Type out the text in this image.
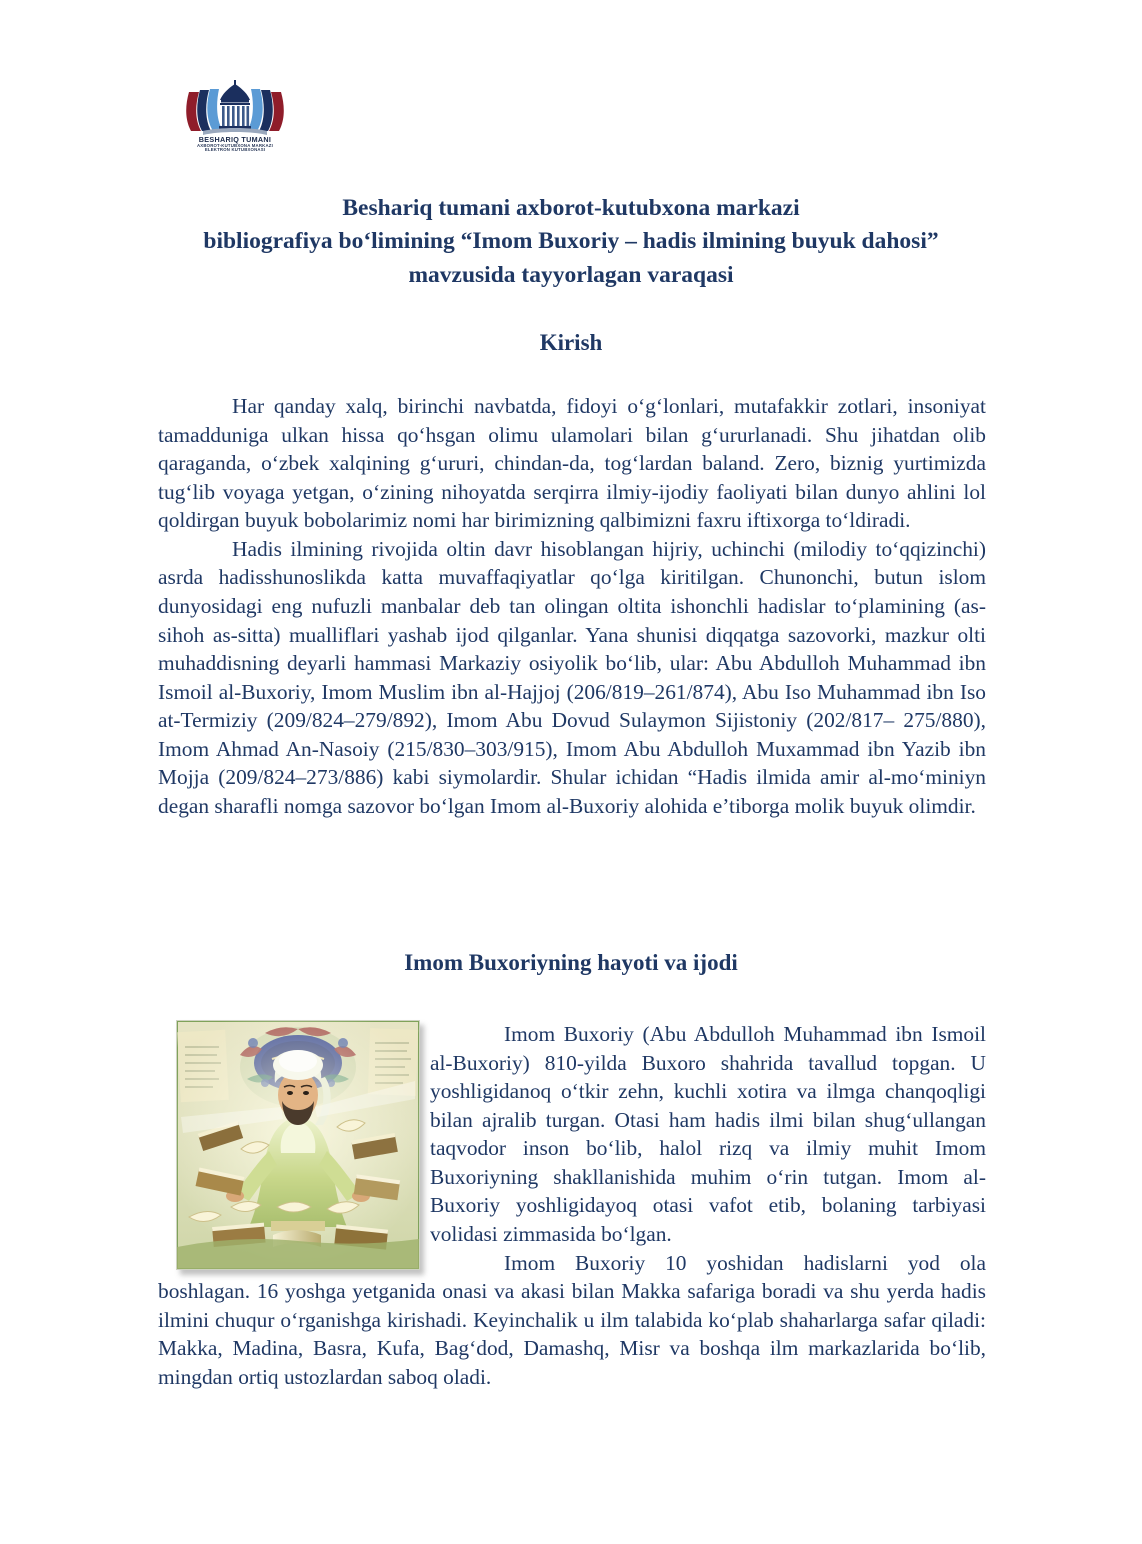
BESHARIQ TUMANI
AXBOROT-KUTUBXONA MARKAZI
ELEKTRON KUTUBXONASI
Beshariq tumani axborot-kutubxona markazi
bibliografiya bo‘limining “Imom Buxoriy – hadis ilmining buyuk dahosi”
mavzusida tayyorlagan varaqasi
Kirish

Har qanday xalq, birinchi navbatda, fidoyi o‘g‘lonlari, mutafakkir zotlari, insoniyat tamadduniga ulkan hissa qo‘hsgan olimu ulamolari bilan g‘ururlanadi. Shu jihatdan olib qaraganda, o‘zbek xalqining g‘ururi, chindan-da, tog‘lardan baland. Zero, biznig yurtimizda tug‘lib voyaga yetgan, o‘zining nihoyatda serqirra ilmiy-ijodiy faoliyati bilan dunyo ahlini lol qoldirgan buyuk bobolarimiz nomi har birimizning qalbimizni faxru iftixorga to‘ldiradi.

Hadis ilmining rivojida oltin davr hisoblangan hijriy, uchinchi (milodiy to‘qqizinchi) asrda hadisshunoslikda katta muvaffaqiyatlar qo‘lga kiritilgan. Chunonchi, butun islom dunyosidagi eng nufuzli manbalar deb tan olingan oltita ishonchli hadislar to‘plamining (as-sihoh as-sitta) mualliflari yashab ijod qilganlar. Yana shunisi diqqatga sazovorki, mazkur olti muhaddisning deyarli hammasi Markaziy osiyolik bo‘lib, ular: Abu Abdulloh Muhammad ibn Ismoil al-Buxoriy, Imom Muslim ibn al-Hajjoj (206/819–261/874), Abu Iso Muhammad ibn Iso at-Termiziy (209/824–279/892), Imom Abu Dovud Sulaymon Sijistoniy (202/817– 275/880), Imom Ahmad An-Nasoiy (215/830–303/915), Imom Abu Abdulloh Muxammad ibn Yazib ibn Mojja (209/824–273/886) kabi siymolardir. Shular ichidan “Hadis ilmida amir al-mo‘miniyn degan sharafli nomga sazovor bo‘lgan Imom al-Buxoriy alohida e’tiborga molik buyuk olimdir.

Imom Buxoriyning hayoti va ijodi

Imom Buxoriy (Abu Abdulloh Muhammad ibn Ismoil al-Buxoriy) 810-yilda Buxoro shahrida tavallud topgan. U yoshligidanoq o‘tkir zehn, kuchli xotira va ilmga chanqoqligi bilan ajralib turgan. Otasi ham hadis ilmi bilan shug‘ullangan taqvodor inson bo‘lib, halol rizq va ilmiy muhit Imom Buxoriyning shakllanishida muhim o‘rin tutgan. Imom al-Buxoriy yoshligidayoq otasi vafot etib, bolaning tarbiyasi volidasi zimmasida bo‘lgan.

Imom Buxoriy 10 yoshidan hadislarni yod ola boshlagan. 16 yoshga yetganida onasi va akasi bilan Makka safariga boradi va shu yerda hadis ilmini chuqur o‘rganishga kirishadi. Keyinchalik u ilm talabida ko‘plab shaharlarga safar qiladi: Makka, Madina, Basra, Kufa, Bag‘dod, Damashq, Misr va boshqa ilm markazlarida bo‘lib, mingdan ortiq ustozlardan saboq oladi.
